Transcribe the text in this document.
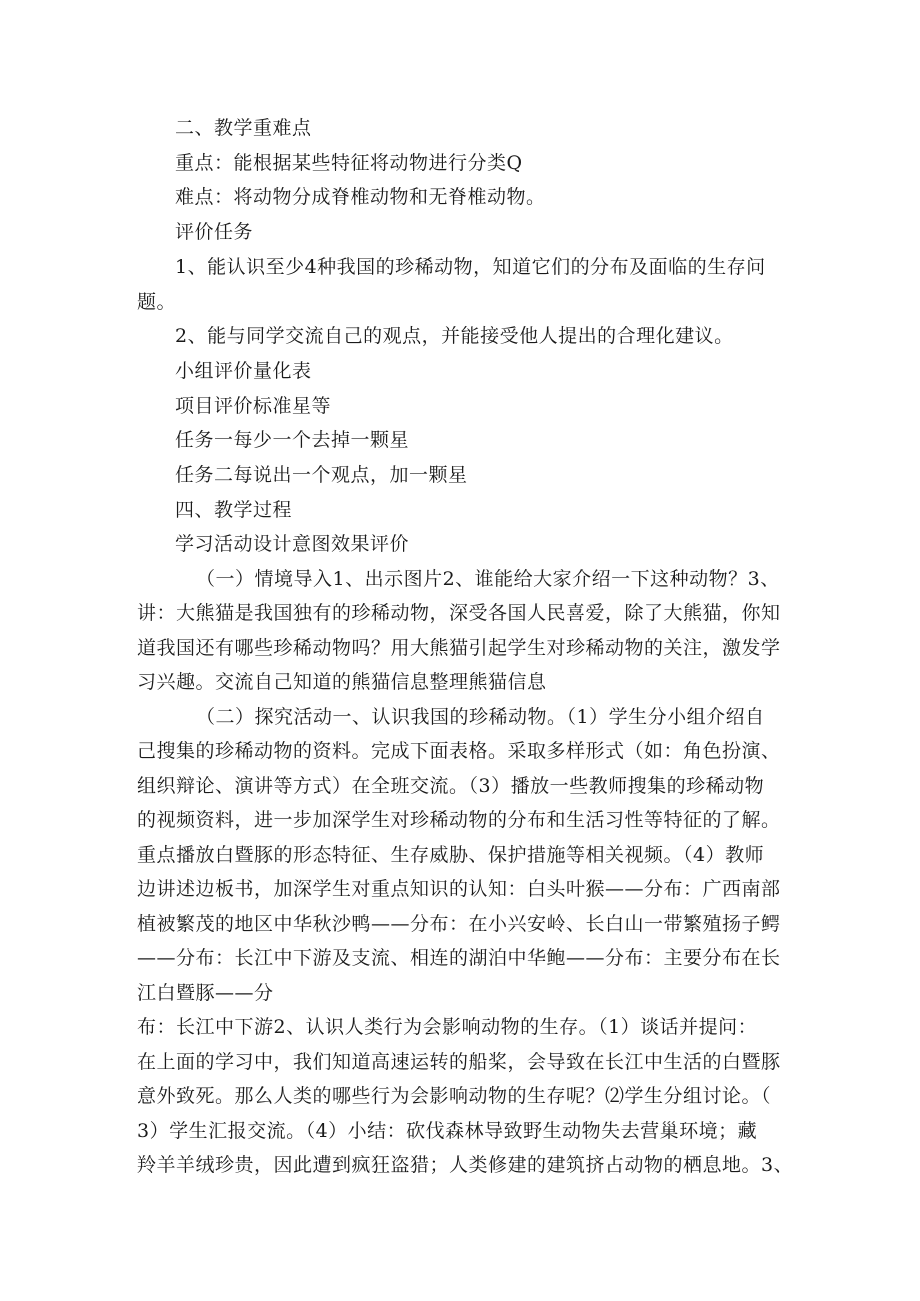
二、教学重难点
重点：能根据某些特征将动物进行分类Q
难点：将动物分成脊椎动物和无脊椎动物。
评价任务
1、能认识至少4种我国的珍稀动物，知道它们的分布及面临的生存问
题。
2、能与同学交流自己的观点，并能接受他人提出的合理化建议。
小组评价量化表
项目评价标准星等
任务一每少一个去掉一颗星
任务二每说出一个观点，加一颗星
四、教学过程
学习活动设计意图效果评价
（一）情境导入1、出示图片2、谁能给大家介绍一下这种动物？3、
讲：大熊猫是我国独有的珍稀动物，深受各国人民喜爱，除了大熊猫，你知
道我国还有哪些珍稀动物吗？用大熊猫引起学生对珍稀动物的关注，激发学
习兴趣。交流自己知道的熊猫信息整理熊猫信息
（二）探究活动一、认识我国的珍稀动物。（1）学生分小组介绍自
己搜集的珍稀动物的资料。完成下面表格。采取多样形式（如：角色扮演、
组织辩论、演讲等方式）在全班交流。（3）播放一些教师搜集的珍稀动物
的视频资料，进一步加深学生对珍稀动物的分布和生活习性等特征的了解。
重点播放白暨豚的形态特征、生存威胁、保护措施等相关视频。（4）教师
边讲述边板书，加深学生对重点知识的认知：白头叶猴——分布：广西南部
植被繁茂的地区中华秋沙鸭——分布：在小兴安岭、长白山一带繁殖扬子鳄
——分布：长江中下游及支流、相连的湖泊中华鲍——分布：主要分布在长
江白暨豚——分
布：长江中下游2、认识人类行为会影响动物的生存。（1）谈话并提问：
在上面的学习中，我们知道高速运转的船桨，会导致在长江中生活的白暨豚
意外致死。那么人类的哪些行为会影响动物的生存呢？⑵学生分组讨论。（
3）学生汇报交流。（4）小结：砍伐森林导致野生动物失去营巢环境；藏
羚羊羊绒珍贵，因此遭到疯狂盗猎；人类修建的建筑挤占动物的栖息地。3、
